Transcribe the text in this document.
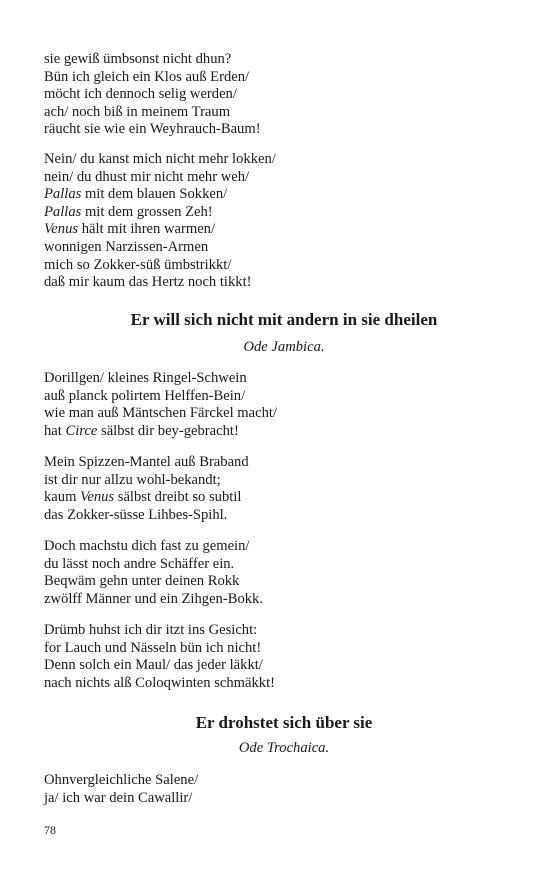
sie gewiß ümbsonst nicht dhun?
Bün ich gleich ein Klos auß Erden/
möcht ich dennoch selig werden/
ach/ noch biß in meinem Traum
räucht sie wie ein Weyhrauch-Baum!
Nein/ du kanst mich nicht mehr lokken/
nein/ du dhust mir nicht mehr weh/
Pallas mit dem blauen Sokken/
Pallas mit dem grossen Zeh!
Venus hält mit ihren warmen/
wonnigen Narzissen-Armen
mich so Zokker-süß ümbstrikkt/
daß mir kaum das Hertz noch tikkt!
Er will sich nicht mit andern in sie dheilen
Ode Jambica.
Dorillgen/ kleines Ringel-Schwein
auß planck polirtem Helffen-Bein/
wie man auß Mäntschen Färckel macht/
hat Circe sälbst dir bey-gebracht!
Mein Spizzen-Mantel auß Braband
ist dir nur allzu wohl-bekandt;
kaum Venus sälbst dreibt so subtil
das Zokker-süsse Lihbes-Spihl.
Doch machstu dich fast zu gemein/
du lässt noch andre Schäffer ein.
Beqwäm gehn unter deinen Rokk
zwölff Männer und ein Zihgen-Bokk.
Drümb huhst ich dir itzt ins Gesicht:
for Lauch und Nässeln bün ich nicht!
Denn solch ein Maul/ das jeder läkkt/
nach nichts alß Coloqwinten schmäkkt!
Er drohstet sich über sie
Ode Trochaica.
Ohnvergleichliche Salene/
ja/ ich war dein Cawallir/
78
